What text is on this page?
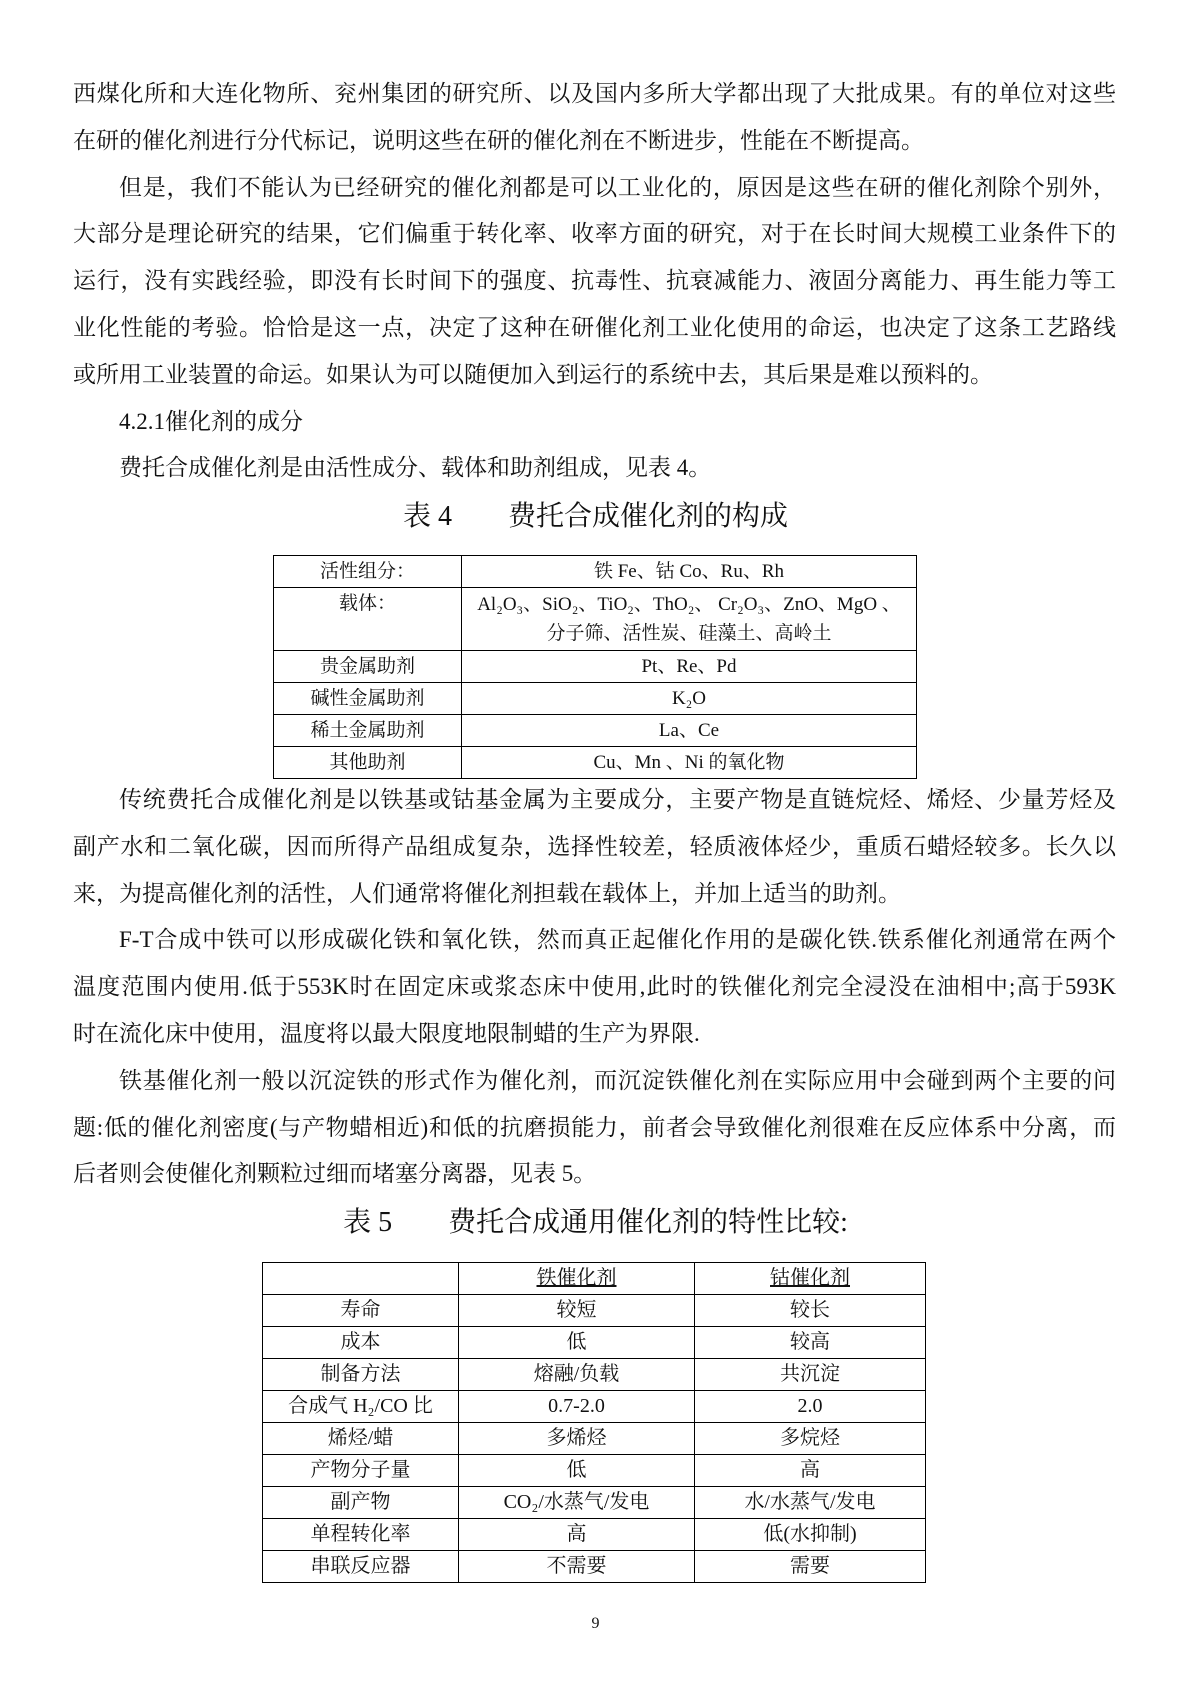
西煤化所和大连化物所、兖州集团的研究所、以及国内多所大学都出现了大批成果。有的单位对这些
在研的催化剂进行分代标记，说明这些在研的催化剂在不断进步，性能在不断提高。
但是，我们不能认为已经研究的催化剂都是可以工业化的，原因是这些在研的催化剂除个别外，
大部分是理论研究的结果，它们偏重于转化率、收率方面的研究，对于在长时间大规模工业条件下的
运行，没有实践经验，即没有长时间下的强度、抗毒性、抗衰减能力、液固分离能力、再生能力等工
业化性能的考验。恰恰是这一点，决定了这种在研催化剂工业化使用的命运，也决定了这条工艺路线
或所用工业装置的命运。如果认为可以随便加入到运行的系统中去，其后果是难以预料的。
4.2.1催化剂的成分
费托合成催化剂是由活性成分、载体和助剂组成，见表 4。
表 4 费托合成催化剂的构成
活性组分：	铁 Fe、钴 Co、Ru、Rh
载体：	Al₂O₃、SiO₂、TiO₂、ThO₂、 Cr₂O₃、ZnO、MgO 、
分子筛、活性炭、硅藻土、高岭土

贵金属助剂	Pt、Re、Pd
碱性金属助剂	K₂O
稀土金属助剂	La、Ce
其他助剂	Cu、Mn 、Ni 的氧化物
传统费托合成催化剂是以铁基或钴基金属为主要成分，主要产物是直链烷烃、烯烃、少量芳烃及
副产水和二氧化碳，因而所得产品组成复杂，选择性较差，轻质液体烃少，重质石蜡烃较多。长久以
来，为提高催化剂的活性，人们通常将催化剂担载在载体上，并加上适当的助剂。
F-T合成中铁可以形成碳化铁和氧化铁，然而真正起催化作用的是碳化铁.铁系催化剂通常在两个
温度范围内使用.低于553K时在固定床或浆态床中使用,此时的铁催化剂完全浸没在油相中;高于593K
时在流化床中使用，温度将以最大限度地限制蜡的生产为界限.
铁基催化剂一般以沉淀铁的形式作为催化剂，而沉淀铁催化剂在实际应用中会碰到两个主要的问
题:低的催化剂密度(与产物蜡相近)和低的抗磨损能力，前者会导致催化剂很难在反应体系中分离，而
后者则会使催化剂颗粒过细而堵塞分离器，见表 5。
表 5 费托合成通用催化剂的特性比较:
	铁催化剂	钴催化剂
寿命	较短	较长
成本	低	较高
制备方法	熔融/负载	共沉淀
合成气 H₂/CO 比	0.7-2.0	2.0
烯烃/蜡	多烯烃	多烷烃
产物分子量	低	高
副产物	CO₂/水蒸气/发电	水/水蒸气/发电
单程转化率	高	低(水抑制)
串联反应器	不需要	需要
9
